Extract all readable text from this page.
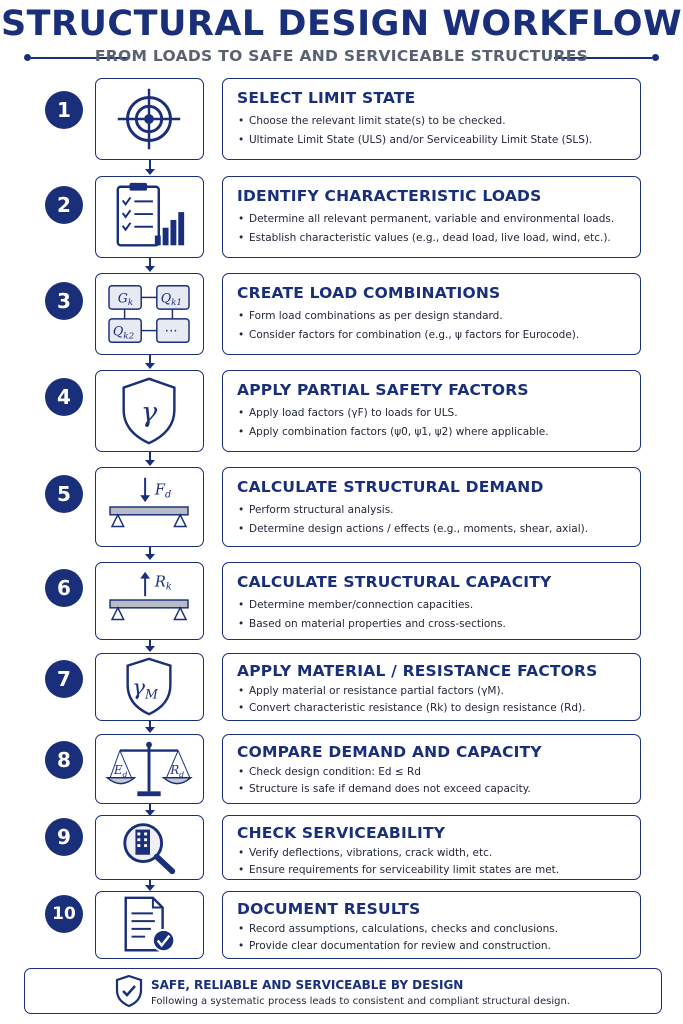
STRUCTURAL DESIGN WORKFLOW
FROM LOADS TO SAFE AND SERVICEABLE STRUCTURES
1	SELECT LIMIT STATE
• Choose the relevant limit state(s) to be checked.
• Ultimate Limit State (ULS) and/or Serviceability Limit State (SLS).
2	IDENTIFY CHARACTERISTIC LOADS
• Determine all relevant permanent, variable and environmental loads.
• Establish characteristic values (e.g., dead load, live load, wind, etc.).
3	$G_k$ $Q_{k1}$
$Q_{k2}$ ···
CREATE LOAD COMBINATIONS
• Form load combinations as per design standard.
• Consider factors for combination (e.g., ψ factors for Eurocode).
4
γ
APPLY PARTIAL SAFETY FACTORS
• Apply load factors (γF) to loads for ULS.
• Apply combination factors (ψ0, ψ1, ψ2) where applicable.
5	$F_d$	CALCULATE STRUCTURAL DEMAND
• Perform structural analysis.
• Determine design actions / effects (e.g., moments, shear, axial).
6	$R_k$	CALCULATE STRUCTURAL CAPACITY
• Determine member/connection capacities.
• Based on material properties and cross-sections.
7	γM
APPLY MATERIAL / RESISTANCE FACTORS
• Apply material or resistance partial factors (γM).
• Convert characteristic resistance (Rk) to design resistance (Rd).
8	$E_d$	$R_d$
COMPARE DEMAND AND CAPACITY
• Check design condition: Ed ≤ Rd
• Structure is safe if demand does not exceed capacity.
9	CHECK SERVICEABILITY
• Verify deflections, vibrations, crack width, etc.
• Ensure requirements for serviceability limit states are met.
10	DOCUMENT RESULTS
• Record assumptions, calculations, checks and conclusions.
• Provide clear documentation for review and construction.
SAFE, RELIABLE AND SERVICEABLE BY DESIGN
Following a systematic process leads to consistent and compliant structural design.
